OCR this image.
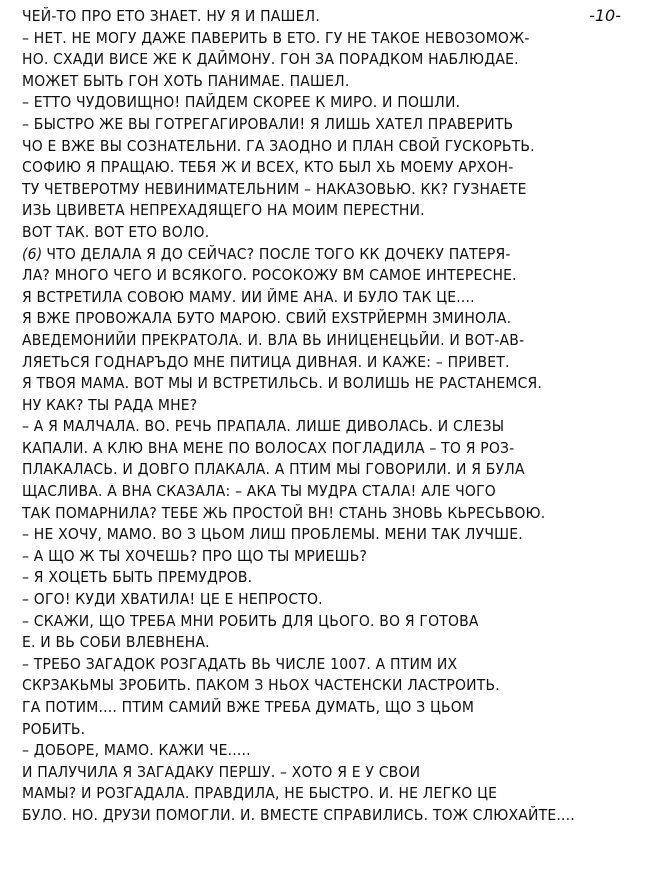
-10-
ЧЕЙ-ТО ПРО ЕТО ЗНАЕТ. НУ Я И ПАШЕЛ.
– НЕТ. НЕ МОГУ ДАЖЕ ПАВЕРИТЬ В ЕТО. ГУ НЕ ТАКОЕ НЕВОЗОМОЖ-
НО. СХАДИ ВИСЕ ЖЕ К ДАЙМОНУ. ГОН ЗА ПОРАДКОМ НАБЛЮДАЕ.
МОЖЕТ БЫТЬ ГОН ХОТЬ ПАНИМАЕ. ПАШЕЛ.
– ЕТТО ЧУДОВИЩНО! ПАЙДЕМ СКОРЕЕ К МИРО. И ПОШЛИ.
– БЫСТРО ЖЕ ВЫ ГОТРЕГАГИРОВАЛИ! Я ЛИШЬ ХАТЕЛ ПРАВЕРИТЬ
ЧО Е ВЖЕ ВЫ СОЗНАТЕЛЬНИ. ГА ЗАОДНО И ПЛАН СВОЙ ГУСКОРЬТЬ.
СОФИЮ Я ПРАЩАЮ. ТЕБЯ Ж И ВСЕХ, КТО БЫЛ ХЬ МОЕМУ АРХОН-
ТУ ЧЕТВЕРОТМУ НЕВИНИМАТЕЛЬНИМ – НАКАЗОВЬЮ. КК? ГУЗНАЕТЕ
ИЗЬ ЦВИВЕТА НЕПРЕХАДЯЩЕГО НА МОИМ ПЕРЕСТНИ.
ВОТ ТАК. ВОТ ЕТО ВОЛО.
(6) ЧТО ДЕЛАЛА Я ДО СЕЙЧАС? ПОСЛЕ ТОГО КК ДОЧЕКУ ПАТЕРЯ-
ЛА? МНОГО ЧЕГО И ВСЯКОГО. РОСОКОЖУ ВМ САМОЕ ИНТЕРЕСНЕ.
Я ВСТРЕТИЛА СОВОЮ МАМУ. ИИ ЙМЕ АНА. И БУЛО ТАК ЦЕ....
Я ВЖЕ ПРОВОЖАЛА БУТО МАРОЮ. СВИЙ EXSTРЙЕРМН ЗМИНОЛА.
АВЕДЕМОНИЙИ ПРЕКРАТОЛА. И. ВЛА ВЬ ИНИЦЕНЕЦЬЙИ. И ВОТ-АВ-
ЛЯЕТЬСЯ ГОДНАРЪДО МНЕ ПИТИЦА ДИВНАЯ. И КАЖЕ: – ПРИВЕТ.
Я ТВОЯ МАМА. ВОТ МЫ И ВСТРЕТИЛЬСЬ. И ВОЛИШЬ НЕ РАСТАНЕМСЯ.
НУ КАК? ТЫ РАДА МНЕ?
– А Я МАЛЧАЛА. ВО. РЕЧЬ ПРАПАЛА. ЛИШЕ ДИВОЛАСЬ. И СЛЕЗЫ
КАПАЛИ. А КЛЮ ВНА МЕНЕ ПО ВОЛОСАХ ПОГЛАДИЛА – ТО Я РОЗ-
ПЛАКАЛАСЬ. И ДОВГО ПЛАКАЛА. А ПТИМ МЫ ГОВОРИЛИ. И Я БУЛА
ЩАСЛИВА. А ВНА СКАЗАЛА: – АКА ТЫ МУДРА СТАЛА! АЛЕ ЧОГО
ТАК ПОМАРНИЛА? ТЕБЕ ЖЬ ПРОСТОЙ ВН! СТАНЬ ЗНОВЬ КЬРЕСЬВОЮ.
– НЕ ХОЧУ, МАМО. ВО З ЦЬОМ ЛИШ ПРОБЛЕМЫ. МЕНИ ТАК ЛУЧШЕ.
– А ЩО Ж ТЫ ХОЧЕШЬ? ПРО ЩО ТЫ МРИЕШЬ?
– Я ХОЦЕТЬ БЫТЬ ПРЕМУДРОВ.
– ОГО! КУДИ ХВАТИЛА! ЦЕ Е НЕПРОСТО.
– СКАЖИ, ЩО ТРЕБА МНИ РОБИТЬ ДЛЯ ЦЬОГО. ВО Я ГОТОВА
Е. И ВЬ СОБИ ВЛЕВНЕНА.
– ТРЕБО ЗАГАДОК РОЗГАДАТЬ ВЬ ЧИСЛЕ 1007. А ПТИМ ИХ
СКРЗАКЬМЫ ЗРОБИТЬ. ПАКОМ З НЬОХ ЧАСТЕНСКИ ЛАСТРОИТЬ.
ГА ПОТИМ.... ПТИМ САМИЙ ВЖЕ ТРЕБА ДУМАТЬ, ЩО З ЦЬОМ
РОБИТЬ.
– ДОБОРЕ, МАМО. КАЖИ ЧЕ.....
И ПАЛУЧИЛА Я ЗАГАДАКУ ПЕРШУ. – ХОТО Я Е У СВОИ
МАМЫ? И РОЗГАДАЛА. ПРАВДИЛА, НЕ БЫСТРО. И. НЕ ЛЕГКО ЦЕ
БУЛО. НО. ДРУЗИ ПОМОГЛИ. И. ВМЕСТЕ СПРАВИЛИСЬ. ТОЖ СЛЮХАЙТЕ....
